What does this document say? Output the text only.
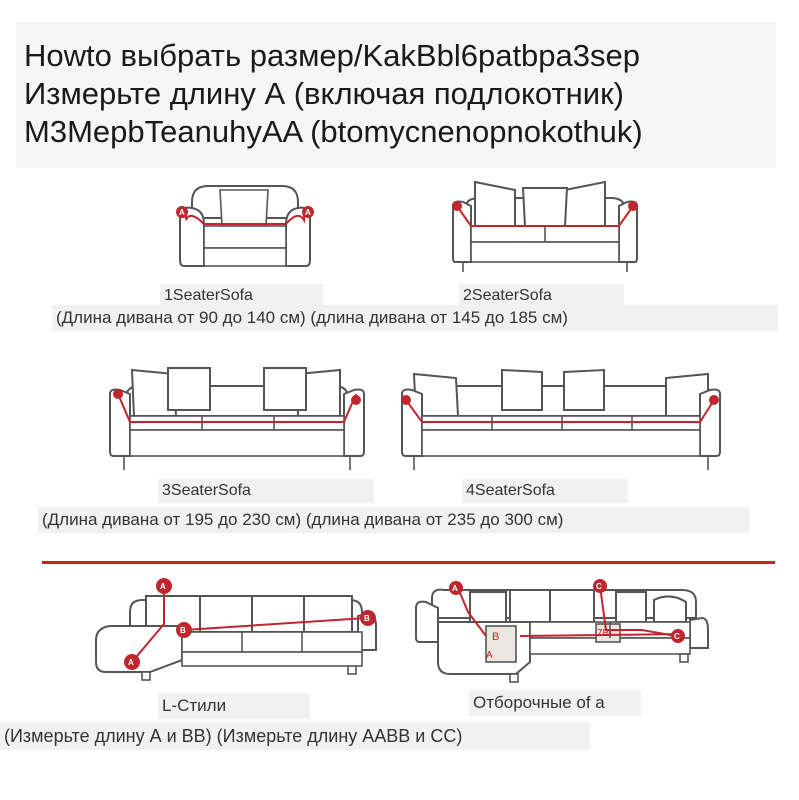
Howto выбрать размер/KakBbl6patbpa3sep
Измерьте длину А (включая подлокотник)
M3MepbTeanuhyAA (btomycnenopnokothuk)
A	A
1SeaterSofa	2SeaterSofa
(Длина дивана от 90 до 140 см) (длина дивана от 145 до 185 см)
3SeaterSofa	4SeaterSofa
(Длина дивана от 195 до 230 см) (длина дивана от 235 до 300 см)
A
A
B
B
A	C
C
B
A
7BI
L-Стили	Отборочные of a
(Измерьте длину А и BB) (Измерьте длину AABB и CC)
